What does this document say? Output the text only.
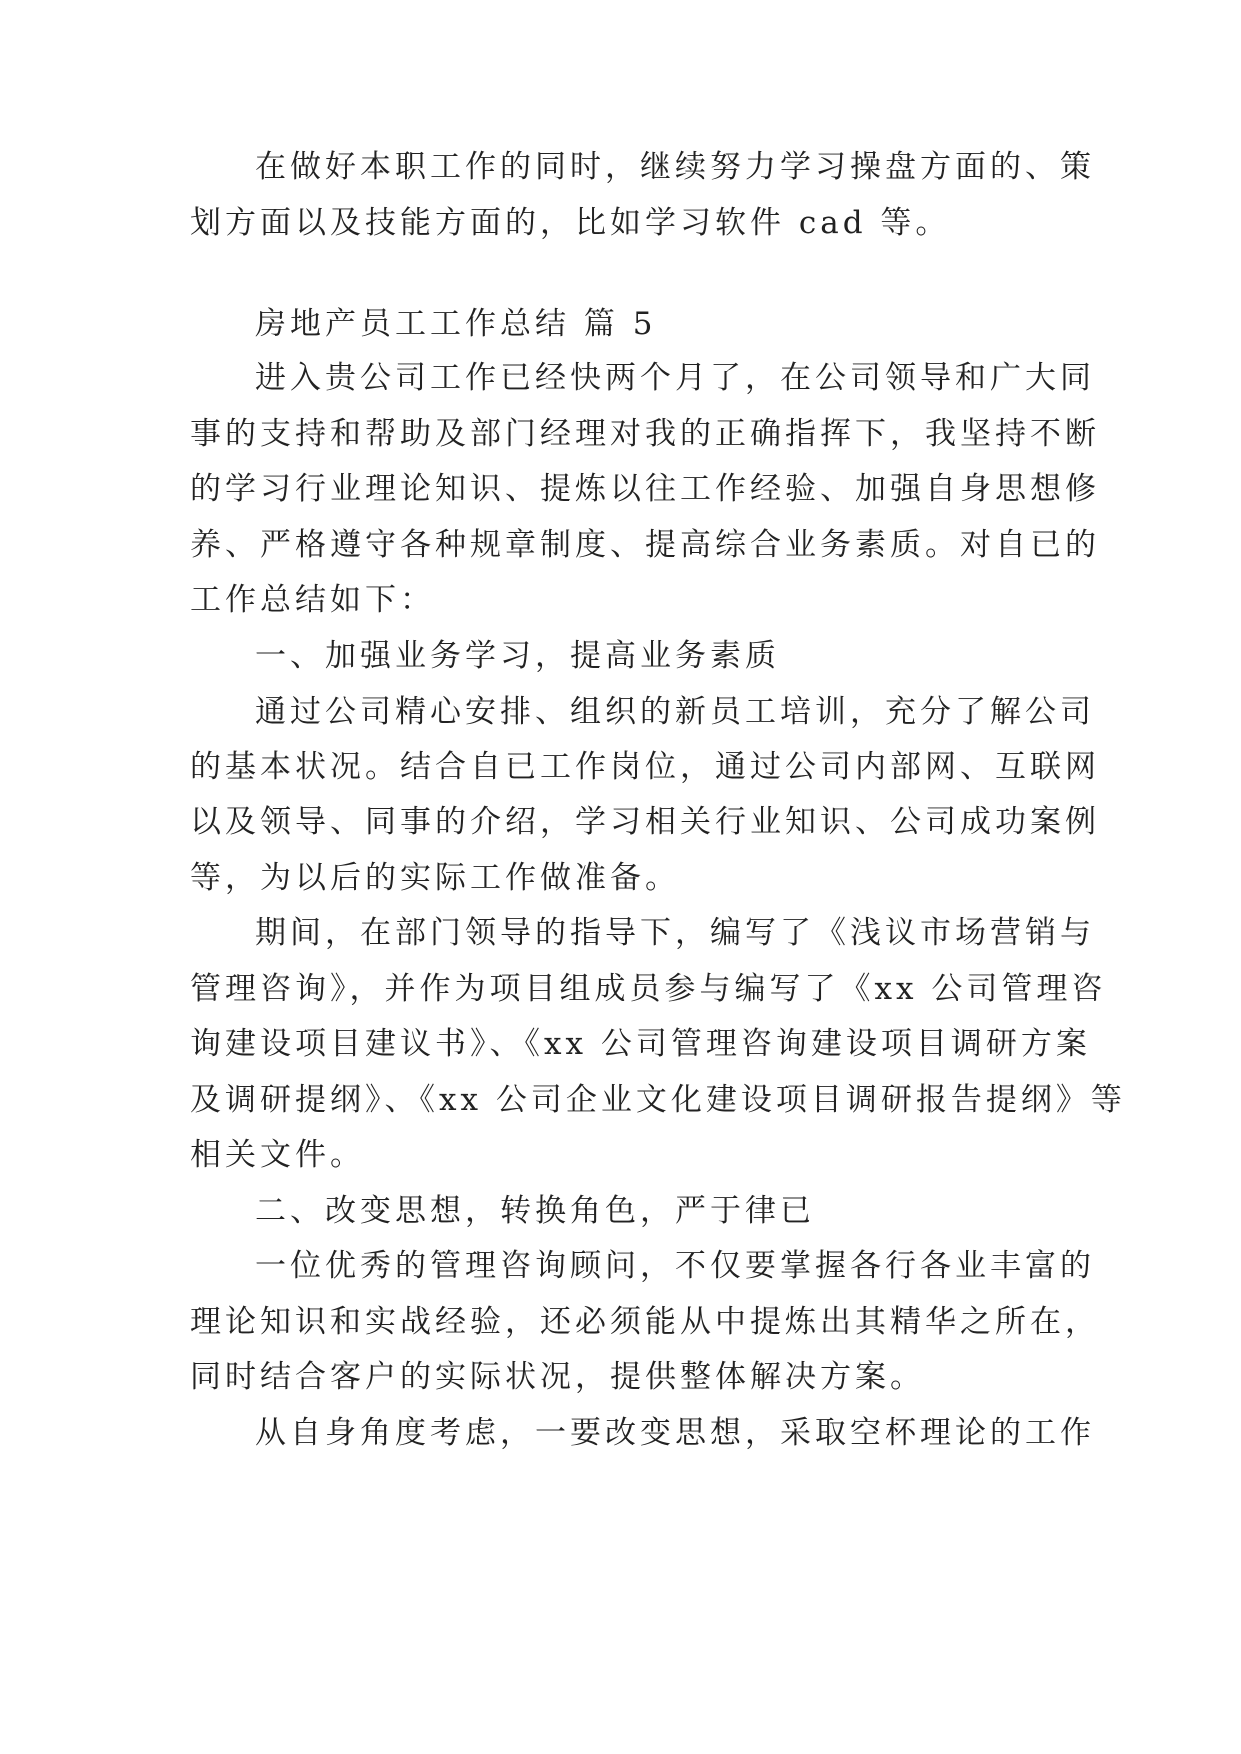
在做好本职工作的同时，继续努力学习操盘方面的、策
划方面以及技能方面的，比如学习软件 cad 等。
房地产员工工作总结 篇 5
进入贵公司工作已经快两个月了，在公司领导和广大同
事的支持和帮助及部门经理对我的正确指挥下，我坚持不断
的学习行业理论知识、提炼以往工作经验、加强自身思想修
养、严格遵守各种规章制度、提高综合业务素质。对自已的
工作总结如下：
一、加强业务学习，提高业务素质
通过公司精心安排、组织的新员工培训，充分了解公司
的基本状况。结合自已工作岗位，通过公司内部网、互联网
以及领导、同事的介绍，学习相关行业知识、公司成功案例
等，为以后的实际工作做准备。
期间，在部门领导的指导下，编写了《浅议市场营销与
管理咨询》，并作为项目组成员参与编写了《xx 公司管理咨
询建设项目建议书》、《xx 公司管理咨询建设项目调研方案
及调研提纲》、《xx 公司企业文化建设项目调研报告提纲》等
相关文件。
二、改变思想，转换角色，严于律已
一位优秀的管理咨询顾问，不仅要掌握各行各业丰富的
理论知识和实战经验，还必须能从中提炼出其精华之所在，
同时结合客户的实际状况，提供整体解决方案。
从自身角度考虑，一要改变思想，采取空杯理论的工作
